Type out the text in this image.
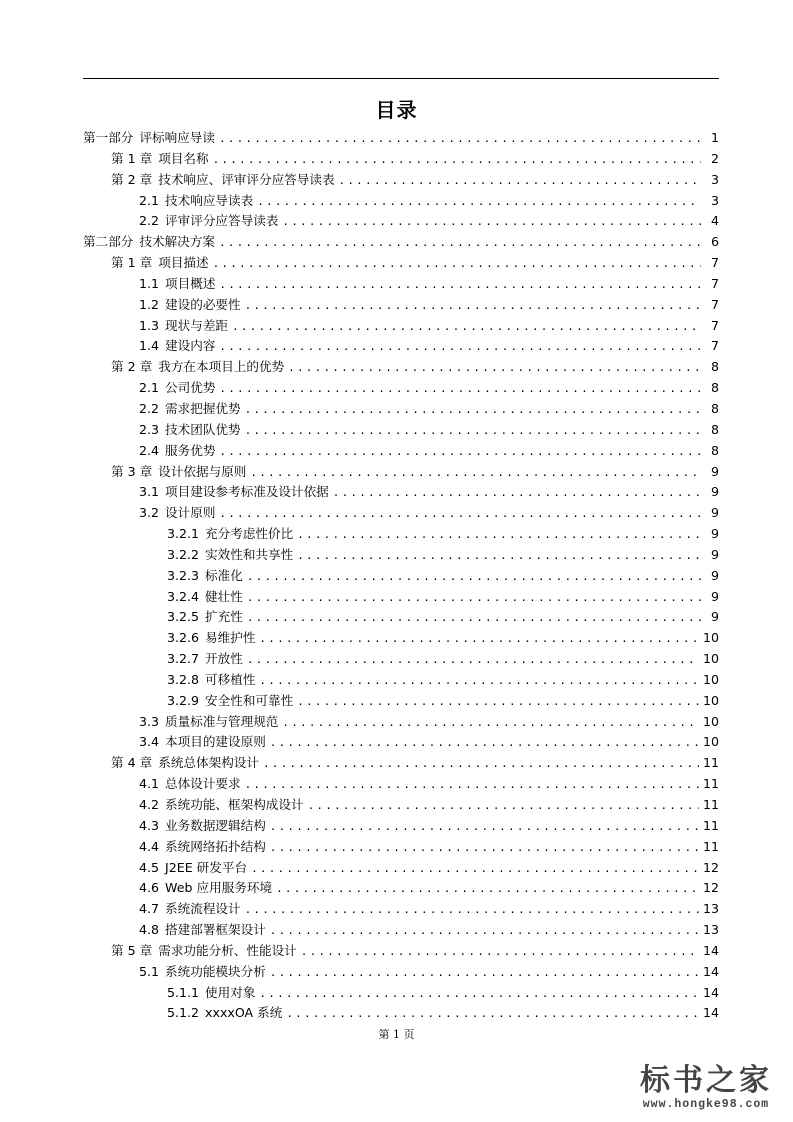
目录
第一部分 评标响应导读 .....	1
第 1 章 项目名称 .....	2
第 2 章 技术响应、评审评分应答导读表 .....	3
2.1 技术响应导读表 .....	3
2.2 评审评分应答导读表 .....	4
第二部分 技术解决方案 .....	6
第 1 章 项目描述 .....	7
1.1 项目概述 .....	7
1.2 建设的必要性 .....	7
1.3 现状与差距 .....	7
1.4 建设内容 .....	7
第 2 章 我方在本项目上的优势 .....	8
2.1 公司优势 .....	8
2.2 需求把握优势 .....	8
2.3 技术团队优势 .....	8
2.4 服务优势 .....	8
第 3 章 设计依据与原则 .....	9
3.1 项目建设参考标准及设计依据 .....	9
3.2 设计原则 .....	9
3.2.1 充分考虑性价比 .....	9
3.2.2 实效性和共享性 .....	9
3.2.3 标准化 .....	9
3.2.4 健壮性 .....	9
3.2.5 扩充性 .....	9
3.2.6 易维护性 .....	10
3.2.7 开放性 .....	10
3.2.8 可移植性 .....	10
3.2.9 安全性和可靠性 .....	10
3.3 质量标准与管理规范 .....	10
3.4 本项目的建设原则 .....	10
第 4 章 系统总体架构设计 .....	11
4.1 总体设计要求 .....	11
4.2 系统功能、框架构成设计 .....	11
4.3 业务数据逻辑结构 .....	11
4.4 系统网络拓扑结构 .....	11
4.5 J2EE 研发平台 .....	12
4.6 Web 应用服务环境 .....	12
4.7 系统流程设计 .....	13
4.8 搭建部署框架设计 .....	13
第 5 章 需求功能分析、性能设计 .....	14
5.1 系统功能模块分析 .....	14
5.1.1 使用对象 .....	14
5.1.2 xxxxOA 系统 .....	14
第 1 页
标书之家
www.hongke98.com
